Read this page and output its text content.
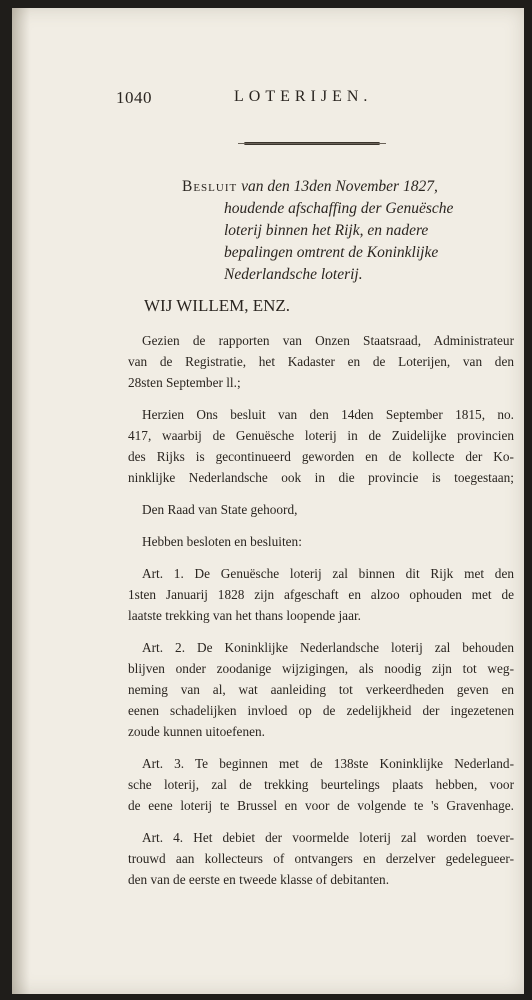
1040	LOTERIJEN.
Besluit van den 13den November 1827,
houdende afschaffing der Genuësche
loterij binnen het Rijk, en nadere
bepalingen omtrent de Koninklijke
Nederlandsche loterij.
WIJ WILLEM, ENZ.

Gezien de rapporten van Onzen Staatsraad, Administrateur
van de Registratie, het Kadaster en de Loterijen, van den
28sten September ll.;

Herzien Ons besluit van den 14den September 1815, no.
417, waarbij de Genuësche loterij in de Zuidelijke provincien
des Rijks is gecontinueerd geworden en de kollecte der Ko-
ninklijke Nederlandsche ook in die provincie is toegestaan;

Den Raad van State gehoord,

Hebben besloten en besluiten:

Art. 1. De Genuësche loterij zal binnen dit Rijk met den
1sten Januarij 1828 zijn afgeschaft en alzoo ophouden met de
laatste trekking van het thans loopende jaar.

Art. 2. De Koninklijke Nederlandsche loterij zal behouden
blijven onder zoodanige wijzigingen, als noodig zijn tot weg-
neming van al, wat aanleiding tot verkeerdheden geven en
eenen schadelijken invloed op de zedelijkheid der ingezetenen
zoude kunnen uitoefenen.

Art. 3. Te beginnen met de 138ste Koninklijke Nederland-
sche loterij, zal de trekking beurtelings plaats hebben, voor
de eene loterij te Brussel en voor de volgende te 's Gravenhage.

Art. 4. Het debiet der voormelde loterij zal worden toever-
trouwd aan kollecteurs of ontvangers en derzelver gedelegueer-
den van de eerste en tweede klasse of debitanten.
